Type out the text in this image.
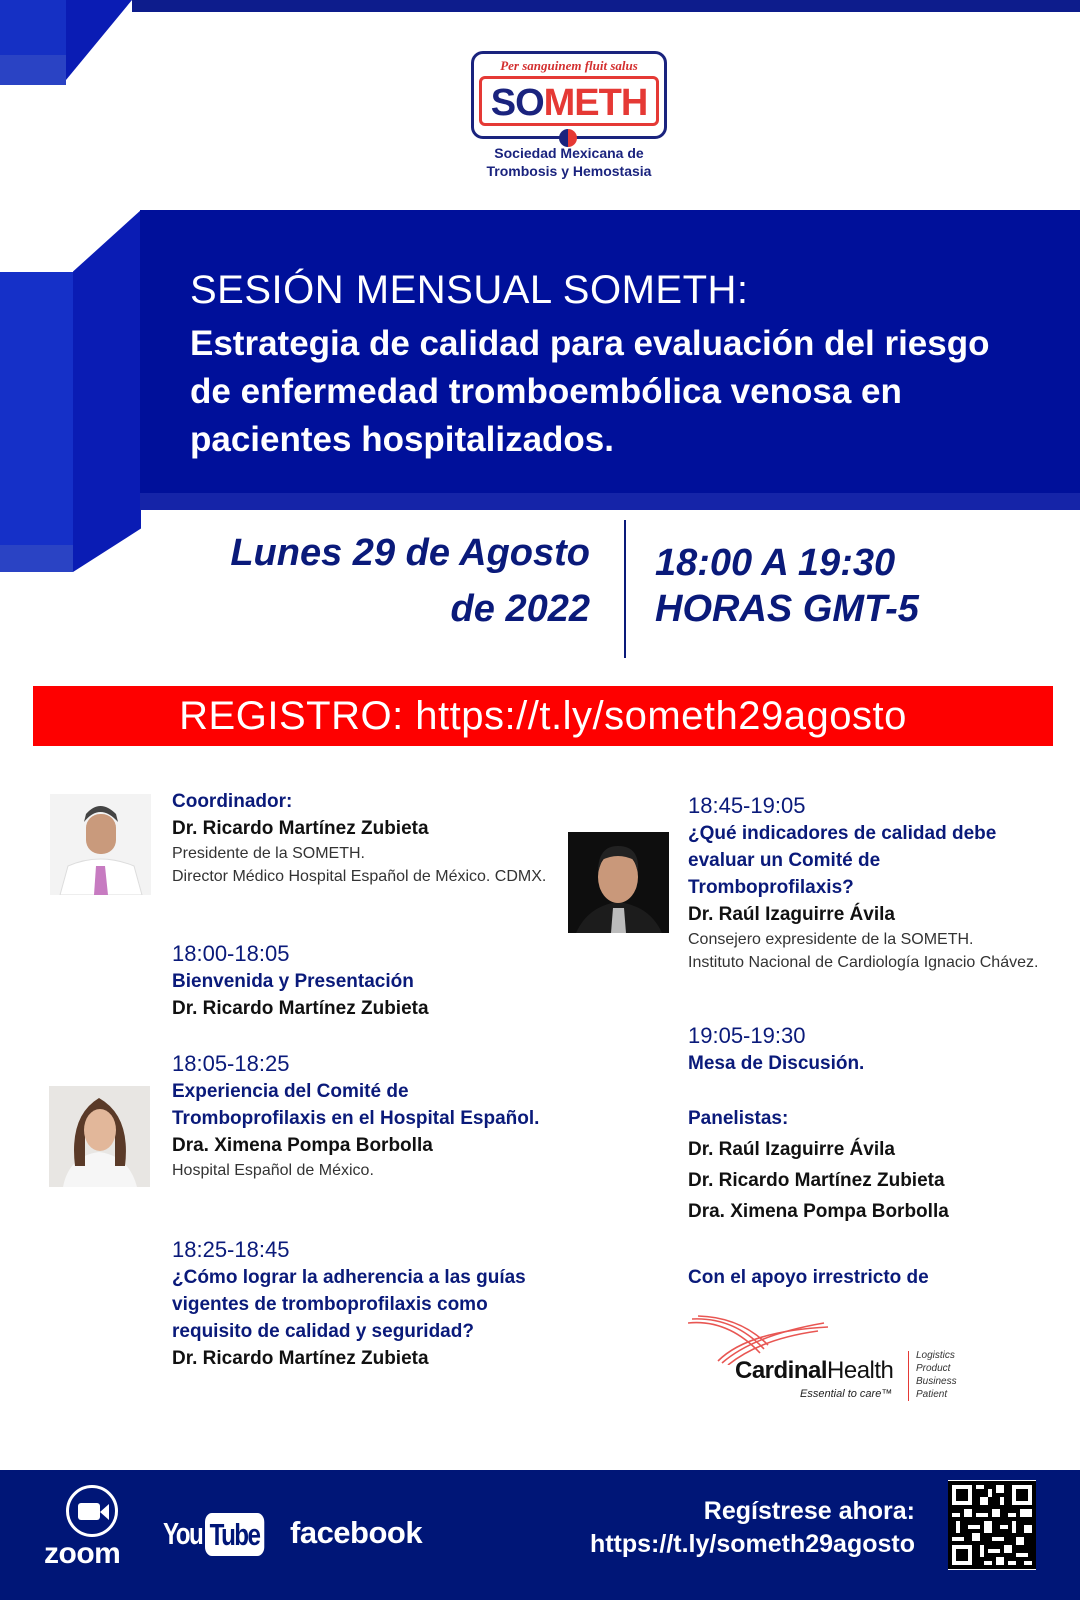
Per sanguinem fluit salus
SOMETH
Sociedad Mexicana de
Trombosis y Hemostasia
SESIÓN MENSUAL SOMETH:
Estrategia de calidad para evaluación del riesgo de enfermedad tromboembólica venosa en pacientes hospitalizados.
Lunes 29 de Agosto
de 2022
18:00 A 19:30
HORAS GMT-5
REGISTRO: https://t.ly/someth29agosto
Coordinador:
Dr. Ricardo Martínez Zubieta
Presidente de la SOMETH.
Director Médico Hospital Español de México. CDMX.
18:00-18:05
Bienvenida y Presentación
Dr. Ricardo Martínez Zubieta
18:05-18:25
Experiencia del Comité de Tromboprofilaxis en el Hospital Español.
Dra. Ximena Pompa Borbolla
Hospital Español de México.
18:25-18:45
¿Cómo lograr la adherencia a las guías vigentes de tromboprofilaxis como requisito de calidad y seguridad?
Dr. Ricardo Martínez Zubieta
18:45-19:05
¿Qué indicadores de calidad debe evaluar un Comité de Tromboprofilaxis?
Dr. Raúl Izaguirre Ávila
Consejero expresidente de la SOMETH.
Instituto Nacional de Cardiología Ignacio Chávez.
19:05-19:30
Mesa de Discusión.
Panelistas:
Dr. Raúl Izaguirre Ávila
Dr. Ricardo Martínez Zubieta
Dra. Ximena Pompa Borbolla
Con el apoyo irrestricto de
CardinalHealth
Essential to care™
Logistics
Product
Business
Patient
zoom
You Tube facebook
Regístrese ahora:
https://t.ly/someth29agosto
